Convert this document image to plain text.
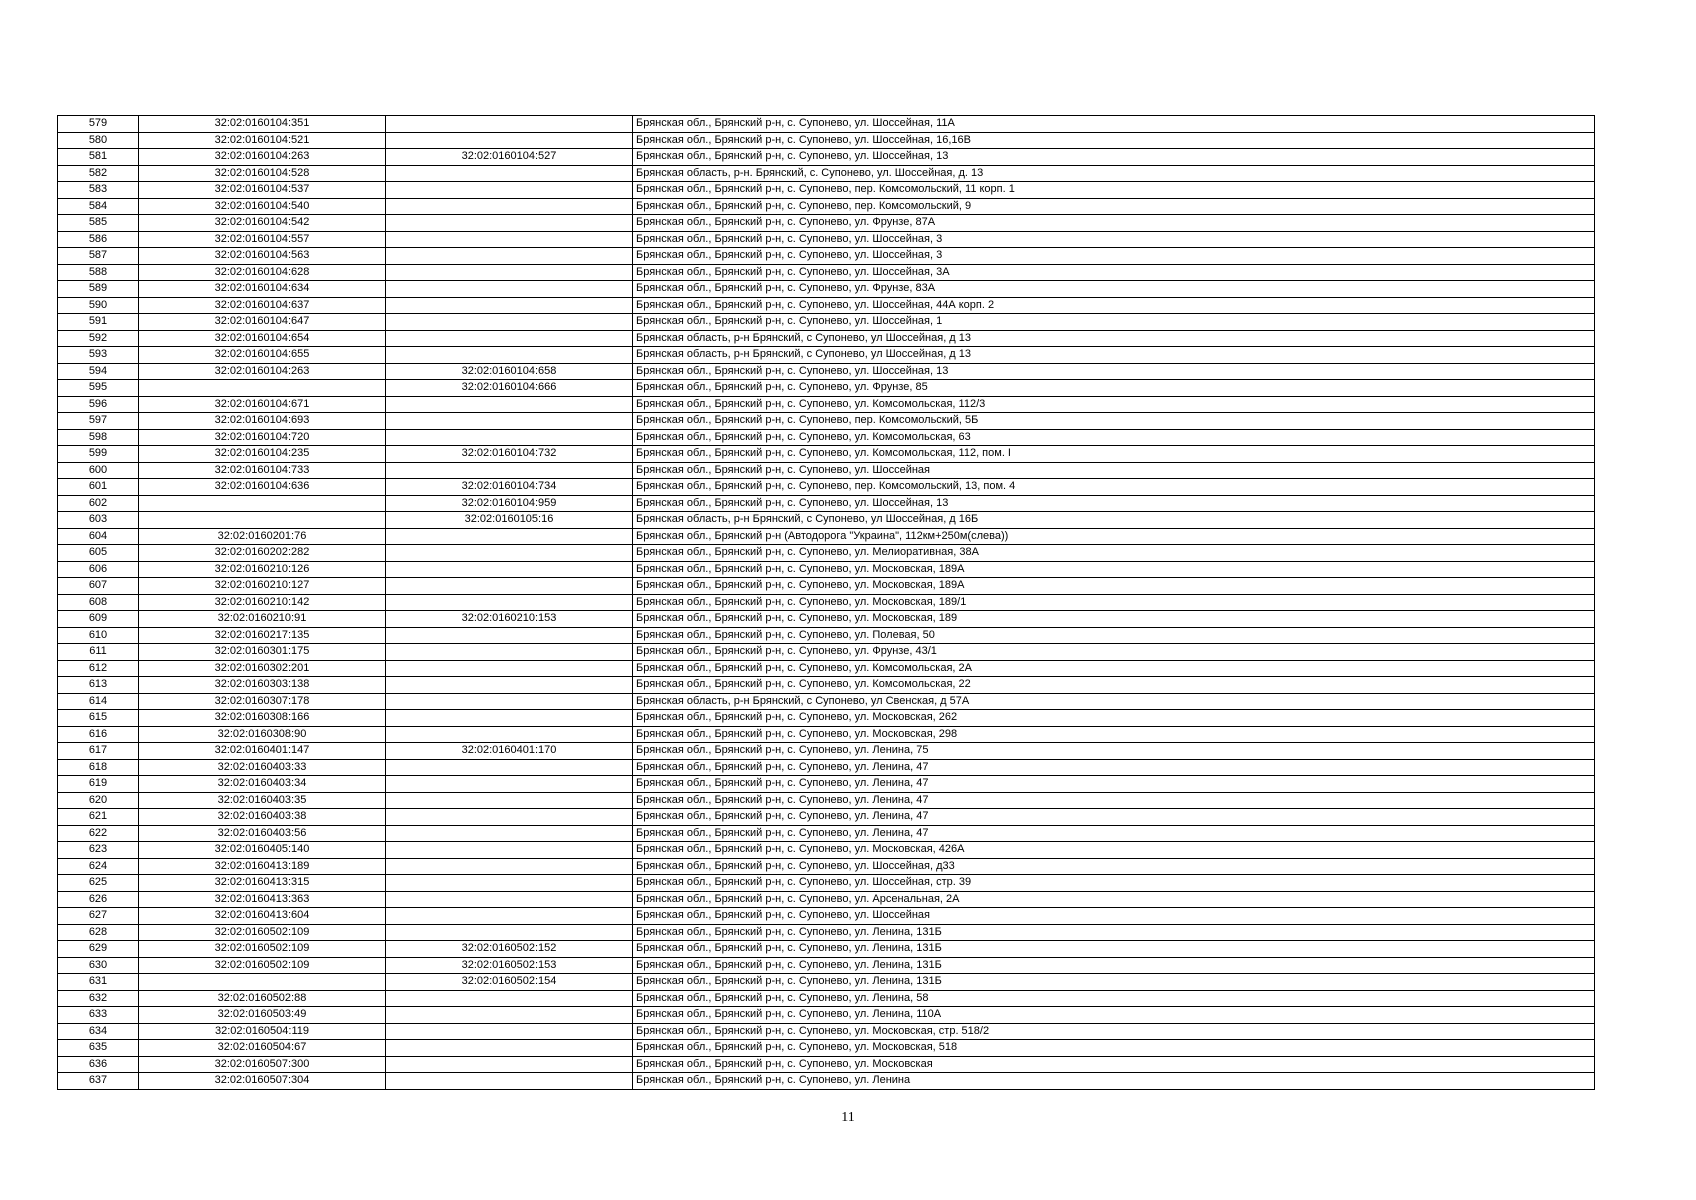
579	32:02:0160104:351		Брянская обл., Брянский р-н, с. Супонево, ул. Шоссейная, 11А
580	32:02:0160104:521		Брянская обл., Брянский р-н, с. Супонево, ул. Шоссейная, 16,16В
581	32:02:0160104:263	32:02:0160104:527	Брянская обл., Брянский р-н, с. Супонево, ул. Шоссейная, 13
582	32:02:0160104:528		Брянская область, р-н. Брянский, с. Супонево, ул. Шоссейная, д. 13
583	32:02:0160104:537		Брянская обл., Брянский р-н, с. Супонево, пер. Комсомольский, 11 корп. 1
584	32:02:0160104:540		Брянская обл., Брянский р-н, с. Супонево, пер. Комсомольский, 9
585	32:02:0160104:542		Брянская обл., Брянский р-н, с. Супонево, ул. Фрунзе, 87А
586	32:02:0160104:557		Брянская обл., Брянский р-н, с. Супонево, ул. Шоссейная, 3
587	32:02:0160104:563		Брянская обл., Брянский р-н, с. Супонево, ул. Шоссейная, 3
588	32:02:0160104:628		Брянская обл., Брянский р-н, с. Супонево, ул. Шоссейная, 3А
589	32:02:0160104:634		Брянская обл., Брянский р-н, с. Супонево, ул. Фрунзе, 83А
590	32:02:0160104:637		Брянская обл., Брянский р-н, с. Супонево, ул. Шоссейная, 44А корп. 2
591	32:02:0160104:647		Брянская обл., Брянский р-н, с. Супонево, ул. Шоссейная, 1
592	32:02:0160104:654		Брянская область, р-н Брянский, с Супонево, ул Шоссейная, д 13
593	32:02:0160104:655		Брянская область, р-н Брянский, с Супонево, ул Шоссейная, д 13
594	32:02:0160104:263	32:02:0160104:658	Брянская обл., Брянский р-н, с. Супонево, ул. Шоссейная, 13
595		32:02:0160104:666	Брянская обл., Брянский р-н, с. Супонево, ул. Фрунзе, 85
596	32:02:0160104:671		Брянская обл., Брянский р-н, с. Супонево, ул. Комсомольская, 112/3
597	32:02:0160104:693		Брянская обл., Брянский р-н, с. Супонево, пер. Комсомольский, 5Б
598	32:02:0160104:720		Брянская обл., Брянский р-н, с. Супонево, ул. Комсомольская, 63
599	32:02:0160104:235	32:02:0160104:732	Брянская обл., Брянский р-н, с. Супонево, ул. Комсомольская, 112, пом. I
600	32:02:0160104:733		Брянская обл., Брянский р-н, с. Супонево, ул. Шоссейная
601	32:02:0160104:636	32:02:0160104:734	Брянская обл., Брянский р-н, с. Супонево, пер. Комсомольский, 13, пом. 4
602		32:02:0160104:959	Брянская обл., Брянский р-н, с. Супонево, ул. Шоссейная, 13
603		32:02:0160105:16	Брянская область, р-н Брянский, с Супонево, ул Шоссейная, д 16Б
604	32:02:0160201:76		Брянская обл., Брянский р-н (Автодорога "Украина", 112км+250м(слева))
605	32:02:0160202:282		Брянская обл., Брянский р-н, с. Супонево, ул. Мелиоративная, 38А
606	32:02:0160210:126		Брянская обл., Брянский р-н, с. Супонево, ул. Московская, 189А
607	32:02:0160210:127		Брянская обл., Брянский р-н, с. Супонево, ул. Московская, 189А
608	32:02:0160210:142		Брянская обл., Брянский р-н, с. Супонево, ул. Московская, 189/1
609	32:02:0160210:91	32:02:0160210:153	Брянская обл., Брянский р-н, с. Супонево, ул. Московская, 189
610	32:02:0160217:135		Брянская обл., Брянский р-н, с. Супонево, ул. Полевая, 50
611	32:02:0160301:175		Брянская обл., Брянский р-н, с. Супонево, ул. Фрунзе, 43/1
612	32:02:0160302:201		Брянская обл., Брянский р-н, с. Супонево, ул. Комсомольская, 2А
613	32:02:0160303:138		Брянская обл., Брянский р-н, с. Супонево, ул. Комсомольская, 22
614	32:02:0160307:178		Брянская область, р-н Брянский, с Супонево, ул Свенская, д 57А
615	32:02:0160308:166		Брянская обл., Брянский р-н, с. Супонево, ул. Московская, 262
616	32:02:0160308:90		Брянская обл., Брянский р-н, с. Супонево, ул. Московская, 298
617	32:02:0160401:147	32:02:0160401:170	Брянская обл., Брянский р-н, с. Супонево, ул. Ленина, 75
618	32:02:0160403:33		Брянская обл., Брянский р-н, с. Супонево, ул. Ленина, 47
619	32:02:0160403:34		Брянская обл., Брянский р-н, с. Супонево, ул. Ленина, 47
620	32:02:0160403:35		Брянская обл., Брянский р-н, с. Супонево, ул. Ленина, 47
621	32:02:0160403:38		Брянская обл., Брянский р-н, с. Супонево, ул. Ленина, 47
622	32:02:0160403:56		Брянская обл., Брянский р-н, с. Супонево, ул. Ленина, 47
623	32:02:0160405:140		Брянская обл., Брянский р-н, с. Супонево, ул. Московская, 426А
624	32:02:0160413:189		Брянская обл., Брянский р-н, с. Супонево, ул. Шоссейная, д33
625	32:02:0160413:315		Брянская обл., Брянский р-н, с. Супонево, ул. Шоссейная, стр. 39
626	32:02:0160413:363		Брянская обл., Брянский р-н, с. Супонево, ул. Арсенальная, 2А
627	32:02:0160413:604		Брянская обл., Брянский р-н, с. Супонево, ул. Шоссейная
628	32:02:0160502:109		Брянская обл., Брянский р-н, с. Супонево, ул. Ленина, 131Б
629	32:02:0160502:109	32:02:0160502:152	Брянская обл., Брянский р-н, с. Супонево, ул. Ленина, 131Б
630	32:02:0160502:109	32:02:0160502:153	Брянская обл., Брянский р-н, с. Супонево, ул. Ленина, 131Б
631		32:02:0160502:154	Брянская обл., Брянский р-н, с. Супонево, ул. Ленина, 131Б
632	32:02:0160502:88		Брянская обл., Брянский р-н, с. Супонево, ул. Ленина, 58
633	32:02:0160503:49		Брянская обл., Брянский р-н, с. Супонево, ул. Ленина, 110А
634	32:02:0160504:119		Брянская обл., Брянский р-н, с. Супонево, ул. Московская, стр. 518/2
635	32:02:0160504:67		Брянская обл., Брянский р-н, с. Супонево, ул. Московская, 518
636	32:02:0160507:300		Брянская обл., Брянский р-н, с. Супонево, ул. Московская
637	32:02:0160507:304		Брянская обл., Брянский р-н, с. Супонево, ул. Ленина
11
